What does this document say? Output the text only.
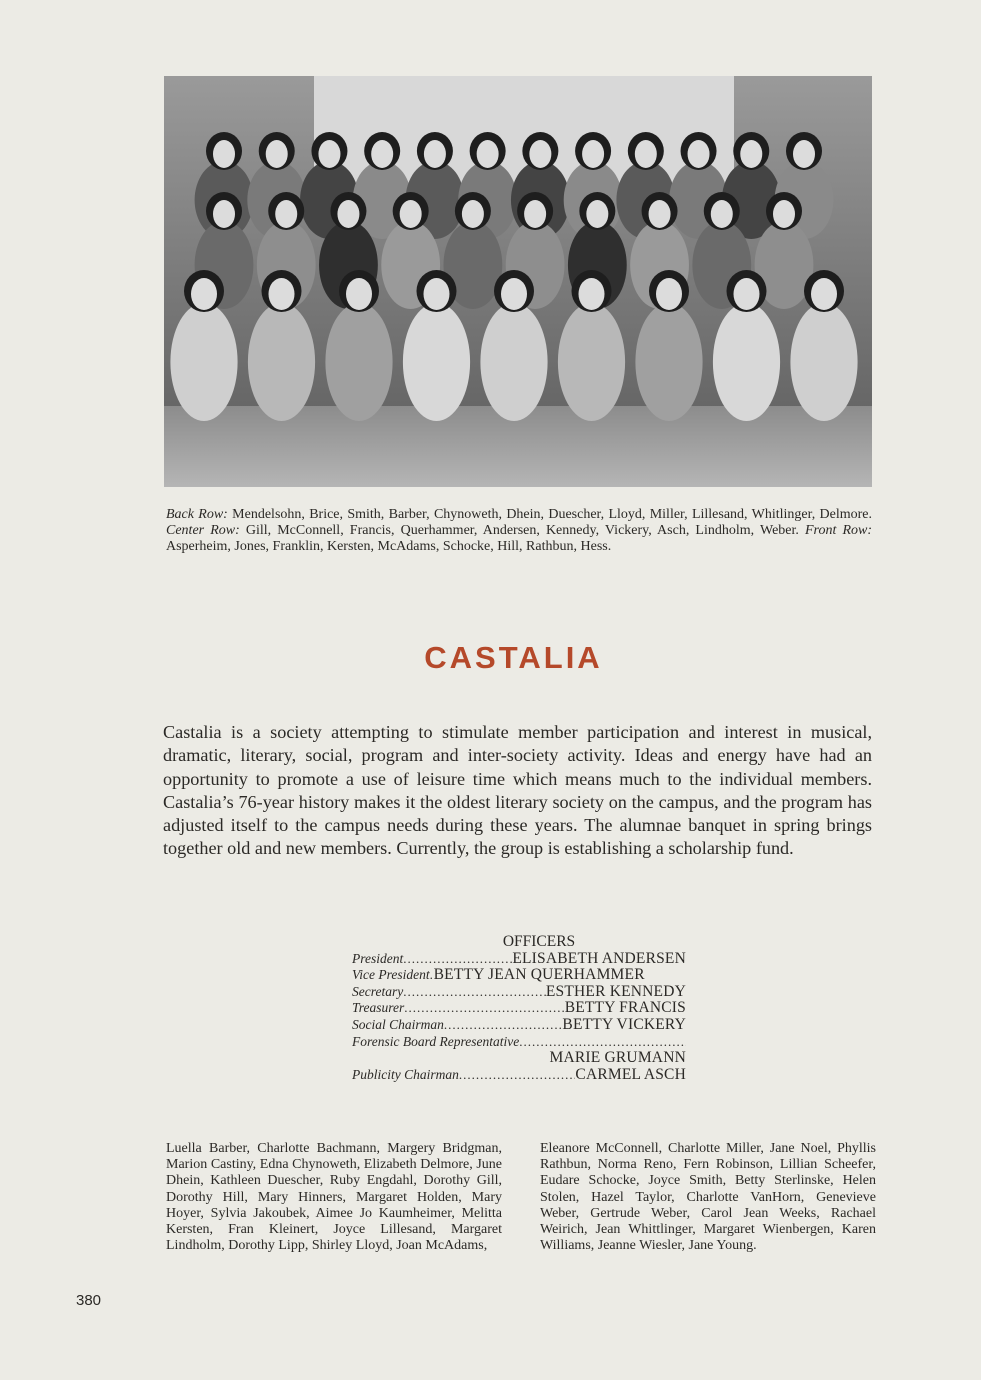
Back Row: Mendelsohn, Brice, Smith, Barber, Chynoweth, Dhein, Duescher, Lloyd, Miller, Lillesand, Whitlinger, Delmore. Center Row: Gill, McConnell, Francis, Querhammer, Andersen, Kennedy, Vickery, Asch, Lindholm, Weber. Front Row: Asperheim, Jones, Franklin, Kersten, McAdams, Schocke, Hill, Rathbun, Hess.
CASTALIA
Castalia is a society attempting to stimulate member participation and interest in musical, dramatic, literary, social, program and inter-society activity. Ideas and energy have had an opportunity to promote a use of leisure time which means much to the individual members. Castalia’s 76-year history makes it the oldest literary society on the campus, and the program has adjusted itself to the campus needs during these years. The alumnae banquet in spring brings together old and new members. Currently, the group is establishing a scholarship fund.
OFFICERS
President .....	ELISABETH ANDERSEN
Vice President ..... BETTY JEAN QUERHAMMER
Secretary .....	ESTHER KENNEDY
Treasurer .....	BETTY FRANCIS
Social Chairman .....	BETTY VICKERY
Forensic Board Representative
.....
MARIE GRUMANN
Publicity Chairman .....	CARMEL ASCH
Luella Barber, Charlotte Bachmann, Margery Bridgman, Marion Castiny, Edna Chynoweth, Elizabeth Delmore, June Dhein, Kathleen Duescher, Ruby Engdahl, Dorothy Gill, Dorothy Hill, Mary Hinners, Margaret Holden, Mary Hoyer, Sylvia Jakoubek, Aimee Jo Kaumheimer, Melitta Kersten, Fran Kleinert, Joyce Lillesand, Margaret Lindholm, Dorothy Lipp, Shirley Lloyd, Joan McAdams,
Eleanore McConnell, Charlotte Miller, Jane Noel, Phyllis Rathbun, Norma Reno, Fern Robinson, Lillian Scheefer, Eudare Schocke, Joyce Smith, Betty Sterlinske, Helen Stolen, Hazel Taylor, Charlotte VanHorn, Genevieve Weber, Gertrude Weber, Carol Jean Weeks, Rachael Weirich, Jean Whittlinger, Margaret Wienbergen, Karen Williams, Jeanne Wiesler, Jane Young.
380
